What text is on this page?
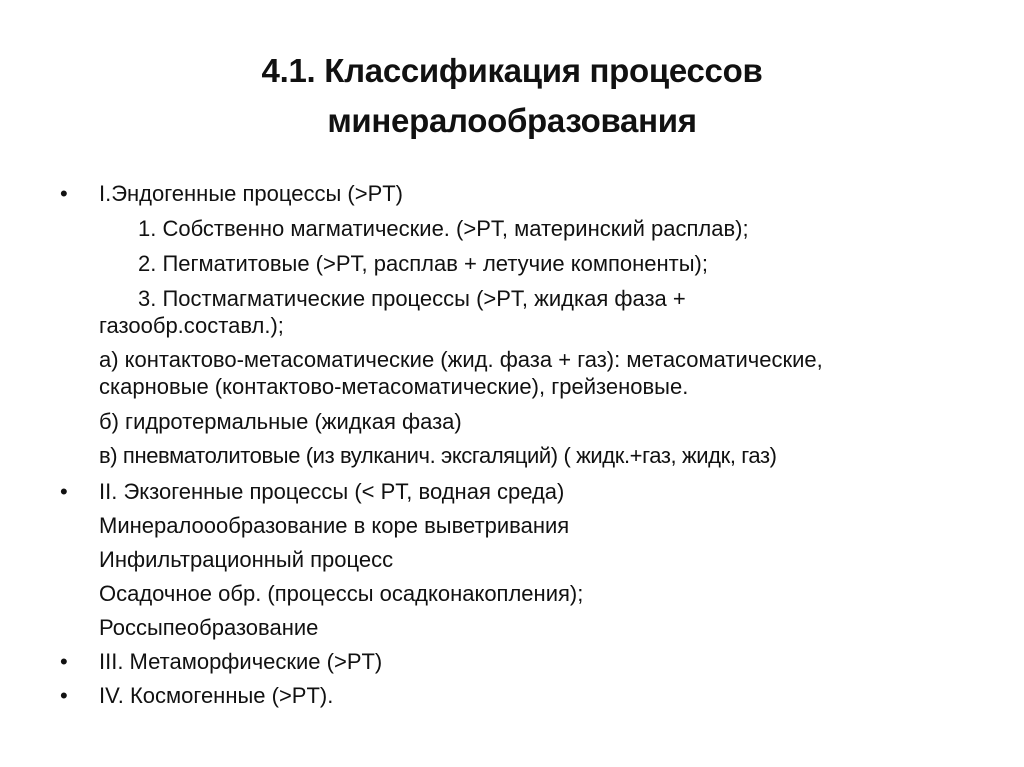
4.1. Классификация процессов
минералообразования
• I.Эндогенные процессы (>PT)
1. Собственно магматические. (>PT, материнский расплав);
2. Пегматитовые (>PT, расплав + летучие компоненты);
3. Постмагматические процессы (>PT, жидкая фаза +
газообр.составл.);
а) контактово-метасоматические (жид. фаза + газ): метасоматические,
скарновые (контактово-метасоматические), грейзеновые.
б) гидротермальные (жидкая фаза)
в) пневматолитовые (из вулканич. эксгаляций) ( жидк.+газ, жидк, газ)
• II. Экзогенные процессы (< PT, водная среда)
Минералоообразование в коре выветривания
Инфильтрационный процесс
Осадочное обр. (процессы осадконакопления);
Россыпеобразование
• III. Метаморфические (>PT)
• IV. Космогенные (>PT).
